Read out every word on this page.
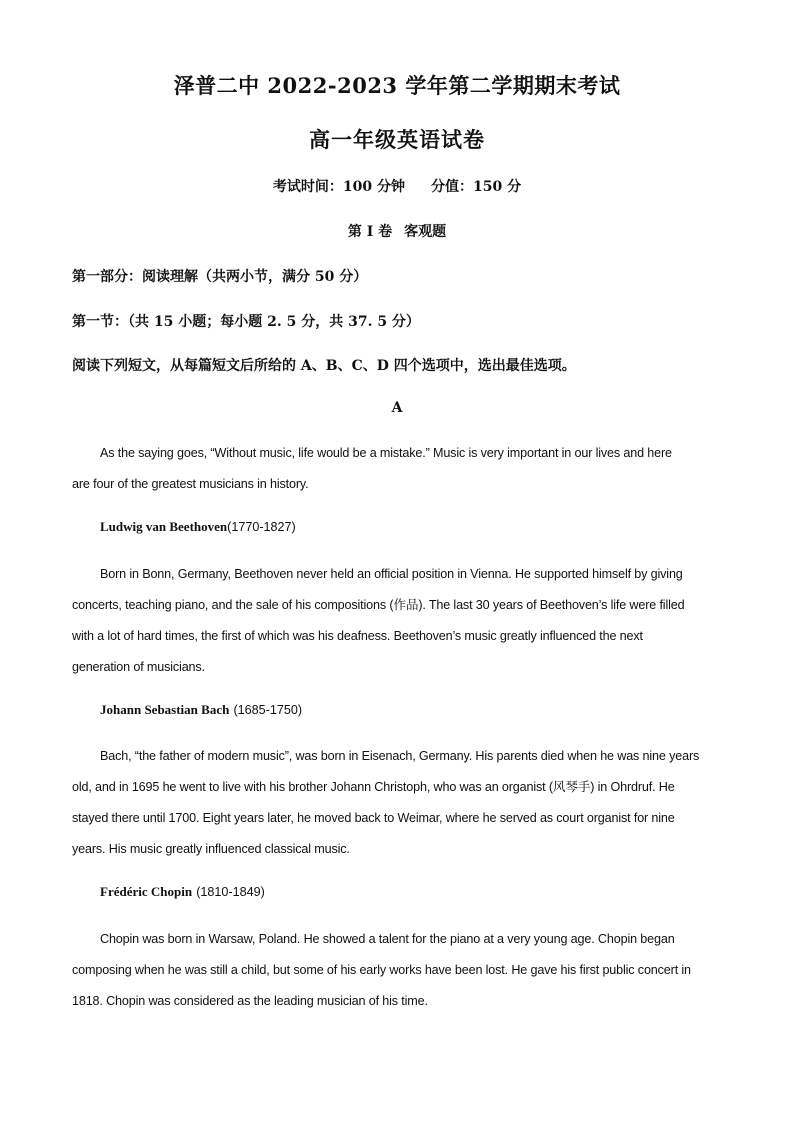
泽普二中 2022-2023 学年第二学期期末考试
高一年级英语试卷
考试时间：100 分钟 分值：150 分
第 I 卷 客观题
第一部分：阅读理解（共两小节，满分 50 分）
第一节：（共 15 小题；每小题 2. 5 分，共 37. 5 分）
阅读下列短文，从每篇短文后所给的 A、B、C、D 四个选项中，选出最佳选项。
A

As the saying goes, “Without music, life would be a mistake.” Music is very important in our lives and here
are four of the greatest musicians in history.

Ludwig van Beethoven(1770-1827)

Born in Bonn, Germany, Beethoven never held an official position in Vienna. He supported himself by giving
concerts, teaching piano, and the sale of his compositions (作品). The last 30 years of Beethoven’s life were filled
with a lot of hard times, the first of which was his deafness. Beethoven’s music greatly influenced the next
generation of musicians.

Johann Sebastian Bach (1685-1750)

Bach, “the father of modern music”, was born in Eisenach, Germany. His parents died when he was nine years
old, and in 1695 he went to live with his brother Johann Christoph, who was an organist (风琴手) in Ohrdruf. He
stayed there until 1700. Eight years later, he moved back to Weimar, where he served as court organist for nine
years. His music greatly influenced classical music.

Frédéric Chopin (1810-1849)

Chopin was born in Warsaw, Poland. He showed a talent for the piano at a very young age. Chopin began
composing when he was still a child, but some of his early works have been lost. He gave his first public concert in
1818. Chopin was considered as the leading musician of his time.
